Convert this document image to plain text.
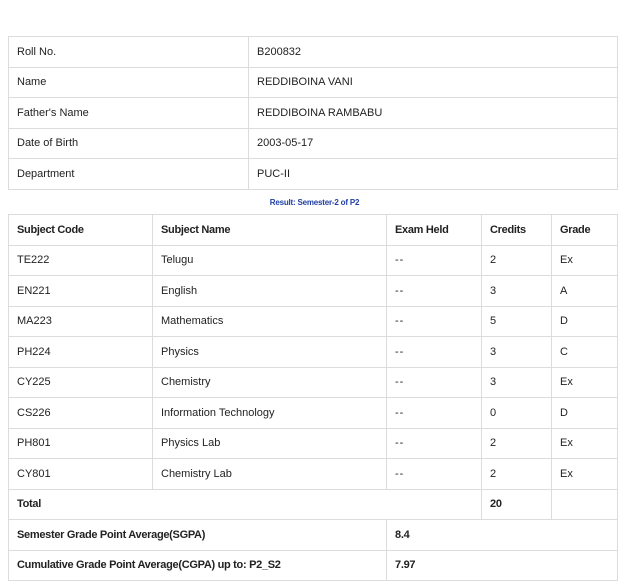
Roll No.	B200832
Name	REDDIBOINA VANI
Father's Name	REDDIBOINA RAMBABU
Date of Birth	2003-05-17
Department	PUC-II
Result: Semester-2 of P2
Subject Code	Subject Name	Exam Held	Credits	Grade
TE222	Telugu	--	2	Ex
EN221	English	--	3	A
MA223	Mathematics	--	5	D
PH224	Physics	--	3	C
CY225	Chemistry	--	3	Ex
CS226	Information Technology	--	0	D
PH801	Physics Lab	--	2	Ex
CY801	Chemistry Lab	--	2	Ex
Total			20	
Semester Grade Point Average(SGPA)		8.4		
Cumulative Grade Point Average(CGPA) up to: P2_S2		7.97		
